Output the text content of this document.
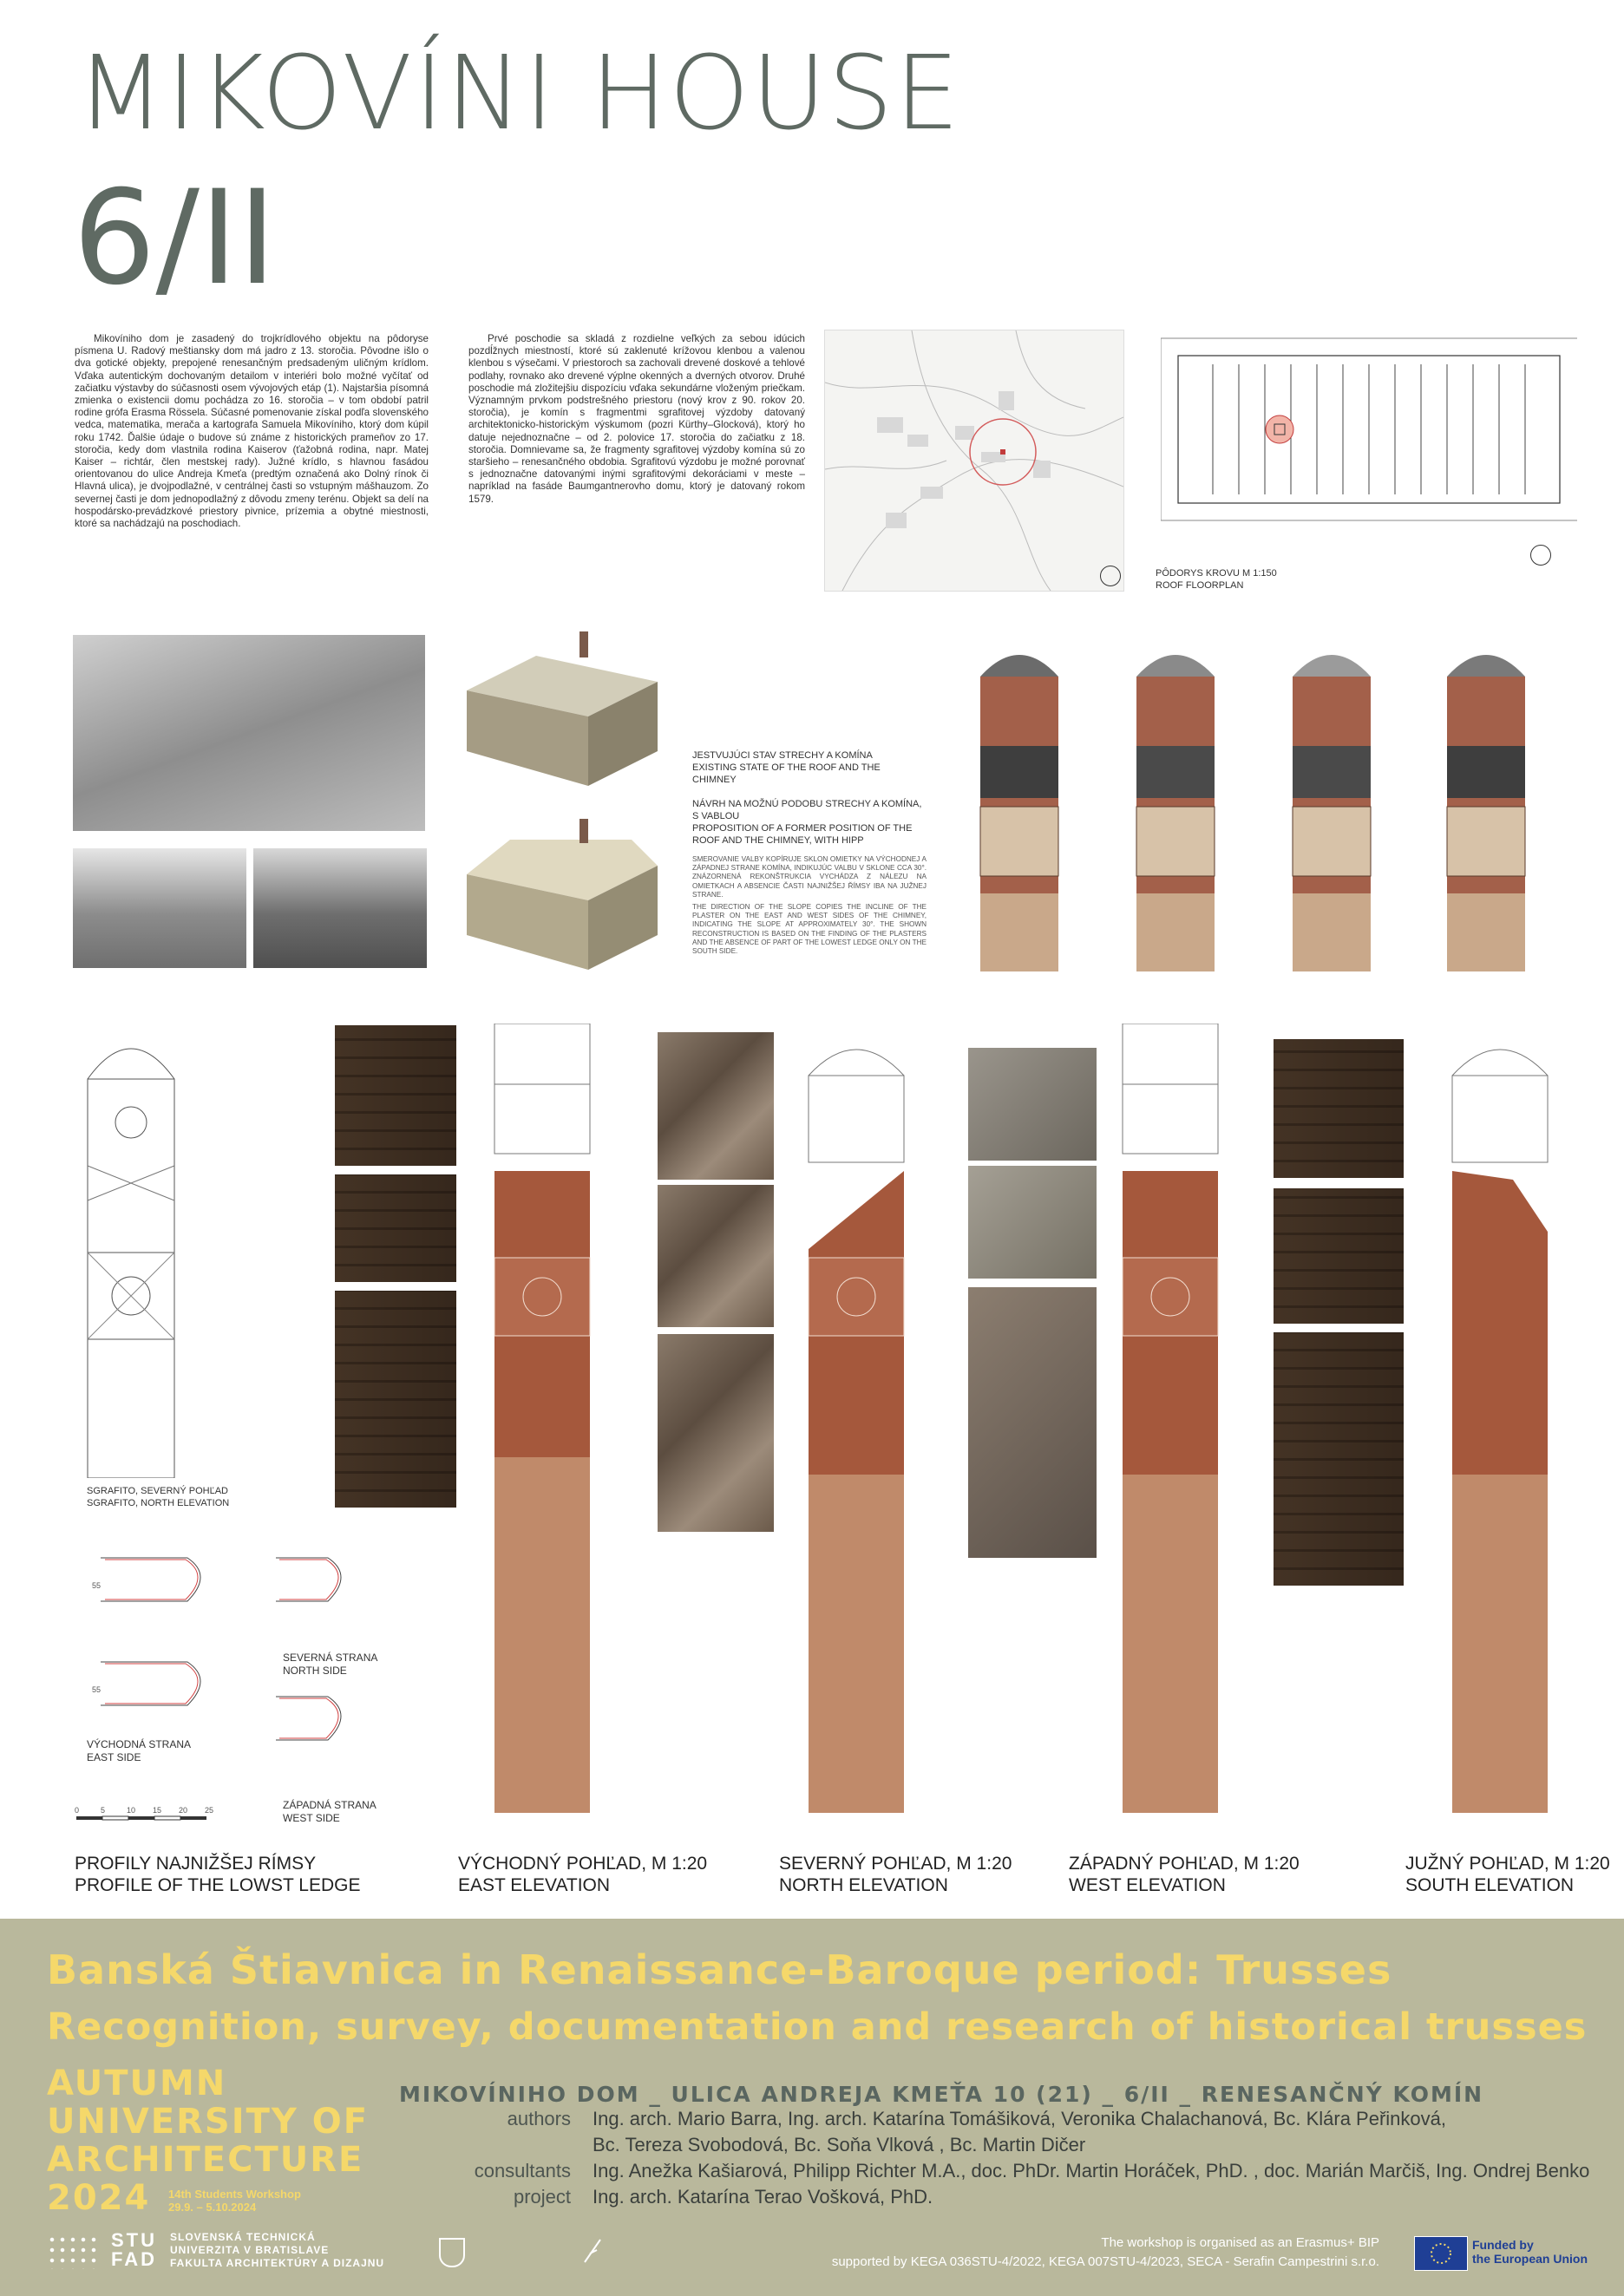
MIKOVÍNI HOUSE
6/II

Mikovíniho dom je zasadený do trojkrídlového objektu na pôdoryse písmena U. Radový meštiansky dom má jadro z 13. storočia. Pôvodne išlo o dva gotické objekty, prepojené renesančným predsadeným uličným krídlom. Vďaka autentickým dochovaným detailom v interiéri bolo možné vyčítať od začiatku výstavby do súčasnosti osem vývojových etáp (1). Najstaršia písomná zmienka o existencii domu pochádza zo 16. storočia – v tom období patril rodine grófa Erasma Rössela. Súčasné pomenovanie získal podľa slovenského vedca, matematika, merača a kartografa Samuela Mikovíniho, ktorý dom kúpil roku 1742. Ďalšie údaje o budove sú známe z historických prameňov zo 17. storočia, kedy dom vlastnila rodina Kaiserov (ťažobná rodina, napr. Matej Kaiser – richtár, člen mestskej rady). Južné krídlo, s hlavnou fasádou orientovanou do ulice Andreja Kmeťa (predtým označená ako Dolný rínok či Hlavná ulica), je dvojpodlažné, v centrálnej časti so vstupným mášhauzom. Zo severnej časti je dom jednopodlažný z dôvodu zmeny terénu. Objekt sa delí na hospodársko-prevádzkové priestory pivnice, prízemia a obytné miestnosti, ktoré sa nachádzajú na poschodiach.

Prvé poschodie sa skladá z rozdielne veľkých za sebou idúcich pozdĺžnych miestností, ktoré sú zaklenuté krížovou klenbou a valenou klenbou s výsečami. V priestoroch sa zachovali drevené doskové a tehlové podlahy, rovnako ako drevené výplne okenných a dverných otvorov. Druhé poschodie má zložitejšiu dispozíciu vďaka sekundárne vloženým priečkam. Významným prvkom podstrešného priestoru (nový krov z 90. rokov 20. storočia), je komín s fragmentmi sgrafitovej výzdoby datovaný architektonicko-historickým výskumom (pozri Kürthy–Glocková), ktorý ho datuje nejednoznačne – od 2. polovice 17. storočia do začiatku z 18. storočia. Domnievame sa, že fragmenty sgrafitovej výzdoby komína sú zo staršieho – renesančného obdobia. Sgrafitovú výzdobu je možné porovnať s jednoznačne datovanými inými sgrafitovými dekoráciami v meste – napríklad na fasáde Baumgantnerovho domu, ktorý je datovaný rokom 1579.

PÔDORYS KROVU M 1:150
ROOF FLOORPLAN
JESTVUJÚCI STAV STRECHY A KOMÍNA
EXISTING STATE OF THE ROOF AND THE CHIMNEY
NÁVRH NA MOŽNÚ PODOBU STRECHY A KOMÍNA, S VABLOU
PROPOSITION OF A FORMER POSITION OF THE ROOF AND THE CHIMNEY, WITH HIPP
SMEROVANIE VALBY KOPÍRUJE SKLON OMIETKY NA VÝCHODNEJ A ZÁPADNEJ STRANE KOMÍNA, INDIKUJÚC VALBU V SKLONE CCA 30°. ZNÁZORNENÁ REKONŠTRUKCIA VYCHÁDZA Z NÁLEZU NA OMIETKACH A ABSENCIE ČASTI NAJNIŽŠEJ ŘÍMSY IBA NA JUŽNEJ STRANE.
THE DIRECTION OF THE SLOPE COPIES THE INCLINE OF THE PLASTER ON THE EAST AND WEST SIDES OF THE CHIMNEY, INDICATING THE SLOPE AT APPROXIMATELY 30°. THE SHOWN RECONSTRUCTION IS BASED ON THE FINDING OF THE PLASTERS AND THE ABSENCE OF PART OF THE LOWEST LEDGE ONLY ON THE SOUTH SIDE.
SGRAFITO, SEVERNÝ POHĽAD
SGRAFITO, NORTH ELEVATION
55
55
VÝCHODNÁ STRANA
EAST SIDE
SEVERNÁ STRANA
NORTH SIDE
ZÁPADNÁ STRANA
WEST SIDE
0	5	10 15 20 25
PROFILY NAJNIŽŠEJ RÍMSY
PROFILE OF THE LOWST LEDGE
VÝCHODNÝ POHĽAD, M 1:20
EAST ELEVATION
SEVERNÝ POHĽAD, M 1:20
NORTH ELEVATION
ZÁPADNÝ POHĽAD, M 1:20
WEST ELEVATION
JUŽNÝ POHĽAD, M 1:20
SOUTH ELEVATION
Banská Štiavnica in Renaissance-Baroque period: Trusses
Recognition, survey, documentation and research of historical trusses
AUTUMN
UNIVERSITY OF
ARCHITECTURE
2024	14th Students Workshop
29.9. – 5.10.2024
MIKOVÍNIHO DOM _ ULICA ANDREJA KMEŤA 10 (21) _ 6/II _ RENESANČNÝ KOMÍN
authors Ing. arch. Mario Barra, Ing. arch. Katarína Tomášiková, Veronika Chalachanová, Bc. Klára Peřinková,
Bc. Tereza Svobodová, Bc. Soňa Vlková , Bc. Martin Dičer
consultants Ing. Anežka Kašiarová, Philipp Richter M.A., doc. PhDr. Martin Horáček, PhD. , doc. Marián Marčiš, Ing. Ondrej Benko
project Ing. arch. Katarína Terao Vošková, PhD.
STU
FAD
SLOVENSKÁ TECHNICKÁ
UNIVERZITA V BRATISLAVE
FAKULTA ARCHITEKTÚRY A DIZAJNU
The workshop is organised as an Erasmus+ BIP
supported by KEGA 036STU-4/2022, KEGA 007STU-4/2023, SECA - Serafin Campestrini s.r.o.
Funded by
the European Union
